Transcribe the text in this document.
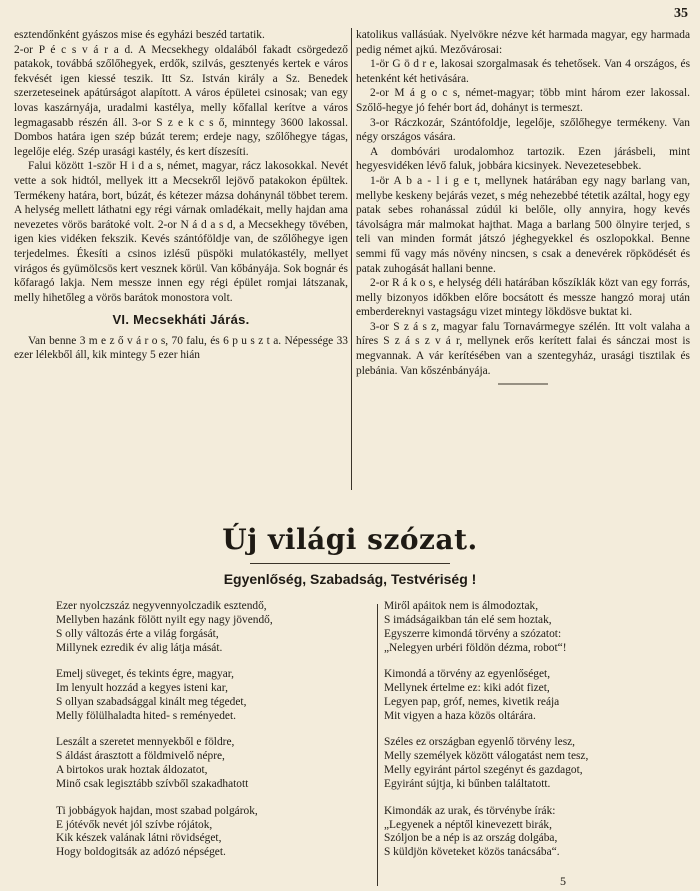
35

esztendőnként gyászos mise és egyházi beszéd tartatik.

2-or P é c s v á r a d. A Mecsekhegy oldalából fakadt csörgedező patakok, továbbá szőlőhegyek, erdők, szilvás, gesztenyés kertek e város fekvését igen kiessé teszik. Itt Sz. István király a Sz. Benedek szerzeteseinek apátúrságot alapított. A város épületei csinosak; van egy lovas kaszárnyája, uradalmi kastélya, melly kőfallal kerítve a város legmagasabb részén áll. 3-or S z e k c s ő, minntegy 3600 lakossal. Dombos határa igen szép búzát terem; erdeje nagy, szőlőhegye tágas, legelője elég. Szép urasági kastély, és kert díszesíti.

Falui között 1-ször H i d a s, német, magyar, rácz lakosokkal. Nevét vette a sok hidtól, mellyek itt a Mecsekről lejövő patakokon épültek. Termékeny határa, bort, búzát, és kétezer mázsa dohánynál többet terem. A helység mellett láthatni egy régi várnak omladékait, melly hajdan ama nevezetes vörös barátoké volt. 2-or N á d a s d, a Mecsekhegy tövében, igen kies vidéken fekszik. Kevés szántóföldje van, de szőlőhegye igen terjedelmes. Ékesíti a csinos izlésű püspöki mulatókastély, mellyet virágos és gyümölcsös kert vesznek körül. Van kőbányája. Sok bognár és kőfaragó lakja. Nem messze innen egy régi épület romjai látszanak, melly hihetőleg a vörös barátok monostora volt.

VI. Mecsekháti Járás.

Van benne 3 m e z ő v á r o s, 70 falu, és 6 p u s z t a. Népessége 33 ezer lélekből áll, kik mintegy 5 ezer hián

katolikus vallásúak. Nyelvökre nézve két harmada magyar, egy harmada pedig német ajkú. Mezővárosai:

1-ör G ö d r e, lakosai szorgalmasak és tehetősek. Van 4 országos, és hetenként két hetivására.

2-or M á g o c s, német-magyar; több mint három ezer lakossal. Szőlő-hegye jó fehér bort ád, dohányt is termeszt.

3-or Ráczkozár, Szántófoldje, legelője, szőlőhegye termékeny. Van négy országos vására.

A dombóvári urodalomhoz tartozik. Ezen járásbeli, mint hegyesvidéken lévő faluk, jobbára kicsinyek. Nevezetesebbek.

1-ör A b a - l i g e t, mellynek határában egy nagy barlang van, mellybe keskeny bejárás vezet, s még nehezebbé tétetik azáltal, hogy egy patak sebes rohanással zúdúl ki belőle, olly annyira, hogy kevés távolságra már malmokat hajthat. Maga a barlang 500 ölnyire terjed, s teli van minden formát játszó jéghegyekkel és oszlopokkal. Benne semmi fű vagy más növény nincsen, s csak a denevérek röpködését és patak zuhogását hallani benne.

2-or R á k o s, e helység déli határában kőszíklák közt van egy forrás, melly bizonyos időkben előre bocsátott és messze hangzó moraj után emberdereknyi vastagságu vizet mintegy lökdösve buktat ki.

3-or S z á s z, magyar falu Tornavármegye szélén. Itt volt valaha a híres S z á s z v á r, mellynek erős kerített falai és sánczai most is megvannak. A vár kerítésében van a szentegyház, urasági tisztilak és plebánia. Van kőszénbányája.

Új világi szózat.
Egyenlőség, Szabadság, Testvériség !
Ezer nyolczszáz negyvennyolczadik esztendő,
Mellyben hazánk fölött nyilt egy nagy jövendő,
S olly változás érte a világ forgását,
Millynek ezredik év alig látja mását.
Emelj süveget, és tekints égre, magyar,
Im lenyult hozzád a kegyes isteni kar,
S ollyan szabadsággal kinált meg tégedet,
Melly fölülhaladta hited- s reményedet.
Leszált a szeretet mennyekből e földre,
S áldást árasztott a földmivelő népre,
A birtokos urak hoztak áldozatot,
Minő csak legisztább szívből szakadhatott
Ti jobbágyok hajdan, most szabad polgárok,
E jótévők nevét jól szívbe rójátok,
Kik készek valának látni rövidséget,
Hogy boldogitsák az adózó népséget.
Miről apáitok nem is álmodoztak,
S imádságaikban tán elé sem hoztak,
Egyszerre kimondá törvény a szózatot:
„Nelegyen urbéri földön dézma, robot“!
Kimondá a törvény az egyenlőséget,
Mellynek értelme ez: kiki adót fizet,
Legyen pap, gróf, nemes, kivetik reája
Mit vigyen a haza közös oltárára.
Széles ez országban egyenlő törvény lesz,
Melly személyek között válogatást nem tesz,
Melly egyiránt pártol szegényt és gazdagot,
Egyiránt sújtja, ki bűnben találtatott.
Kimondák az urak, és törvénybe írák:
„Legyenek a néptől kinevezett birák,
Szóljon be a nép is az ország dolgába,
S küldjön követeket közös tanácsába“.
5
